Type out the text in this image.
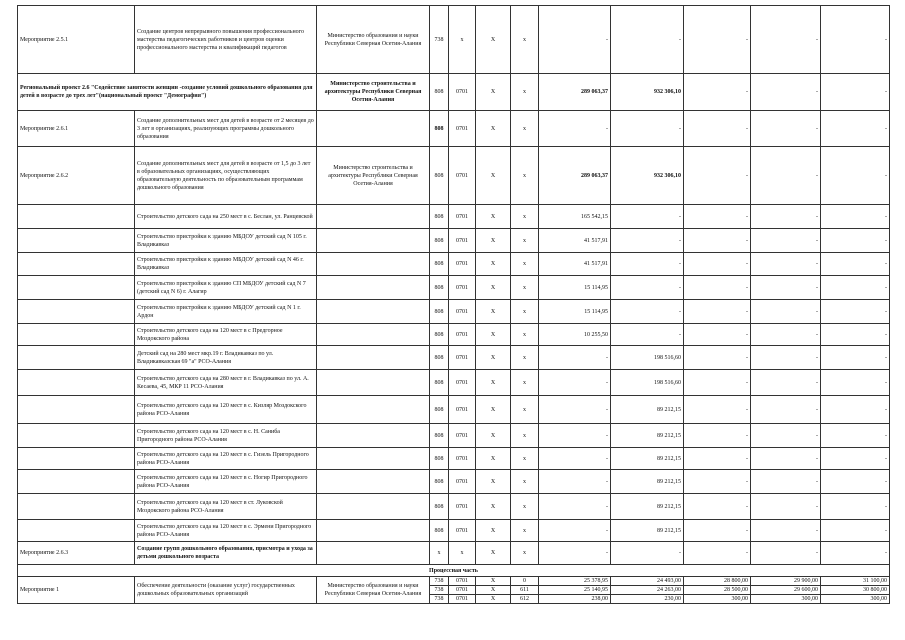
Мероприятие 2.5.1	Создание центров непрерывного повышения профессионального мастерства педагогических работников и центров оценки профессионального мастерства и квалификаций педагогов	Министерство образования и науки Республики Северная Осетия-Алания	738	х	Х	х	-	-	-	-	-
Региональный проект 2.6 "Содействие занятости женщин -создание условий дошкольного образования для детей в возрасте до трех лет"(национальный проект "Демография")		Министерство строительства и архитектуры Республики Северная Осетия-Алания	808	0701	Х	х	289 063,37	932 306,10	-	-	-
Мероприятие 2.6.1	Создание дополнительных мест для детей в возрасте от 2 месяцев до 3 лет в организациях, реализующих программы дошкольного образования		808	0701	Х	х	-	-	-	-	-
Мероприятие 2.6.2	Создание дополнительных мест для детей в возрасте от 1,5 до 3 лет в образовательных организациях, осуществляющих образовательную деятельность по образовательным программам дошкольного образования	Министерство строительства и архитектуры Республики Северная Осетия-Алания	808	0701	Х	х	289 063,37	932 306,10	-	-	-
	Строительство детского сада на 250 мест в с. Беслан, ул. Ранцевской		808	0701	Х	х	165 542,15	-	-	-	-
	Строительство пристройки к зданию МБДОУ детский сад N 105 г. Владикавказ		808	0701	Х	х	41 517,91	-	-	-	-
	Строительство пристройки к зданию МБДОУ детский сад N 46 г. Владикавказ		808	0701	Х	х	41 517,91	-	-	-	-
	Строительство пристройки к зданию СП МБДОУ детский сад N 7 (детский сад N 6) г. Алагир		808	0701	Х	х	15 114,95	-	-	-	-
	Строительство пристройки к зданию МБДОУ детский сад N 1 г. Ардон		808	0701	Х	х	15 114,95	-	-	-	-
	Строительство детского сада на 120 мест в с Предгорное Моздокского района		808	0701	Х	х	10 255,50	-	-	-	-
	Детский сад на 280 мест мкр.19 г. Владикавказ по ул. Владикавказская 69 "а" РСО-Алания		808	0701	Х	х	-	198 516,60	-	-	-
	Строительство детского сада на 280 мест в г. Владикавказ по ул. А. Кесаева, 45, МКР 11 РСО-Алания		808	0701	Х	х	-	198 516,60	-	-	-
	Строительство детского сада на 120 мест в с. Кизляр Моздокского района РСО-Алания		808	0701	Х	х	-	89 212,15	-	-	-
	Строительство детского сада на 120 мест в с. Н. Саниба Пригородного района РСО-Алания		808	0701	Х	х	-	89 212,15	-	-	-
	Строительство детского сада на 120 мест в с. Гизель Пригородного района РСО-Алания		808	0701	Х	х	-	89 212,15	-	-	-
	Строительство детского сада на 120 мест в с. Ногир Пригородного района РСО-Алания		808	0701	Х	х	-	89 212,15	-	-	-
	Строительство детского сада на 120 мест в ст. Луковской Моздокского района РСО-Алания		808	0701	Х	х	-	89 212,15	-	-	-
	Строительство детского сада на 120 мест в с. Эрмени Пригородного района РСО-Алания		808	0701	Х	х	-	89 212,15	-	-	-
Мероприятие 2.6.3	Создание групп дошкольного образования, присмотра и ухода за детьми дошкольного возраста		х	х	Х	х	-	-	-	-	-
Процессная часть											
Мероприятие 1	Обеспечение деятельности (оказание услуг) государственных дошкольных образовательных организаций	Министерство образования и науки Республики Северная Осетия-Алания	738	0701	Х	0	25 378,95	24 493,00	28 800,00	29 900,00	31 100,00
			738	0701	Х	611	25 140,95	24 263,00	28 500,00	29 600,00	30 800,00
			738	0701	Х	612	238,00	230,00	300,00	300,00	300,00
